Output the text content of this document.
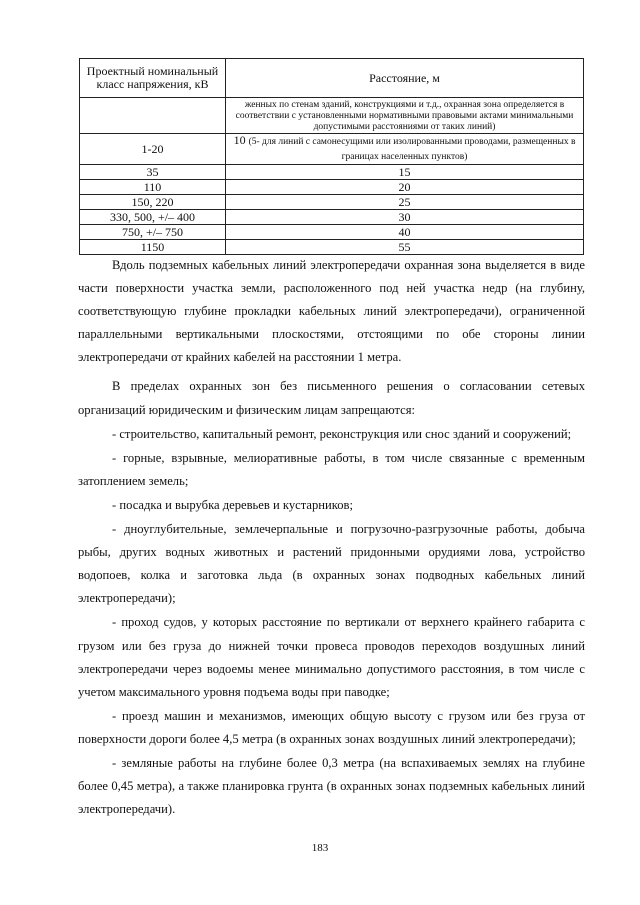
Проектный номинальный класс напряжения, кВ	Расстояние, м

	женных по стенам зданий, конструкциями и т.д., охранная зона определяется в соответствии с установленными нормативными правовыми актами минимальными допустимыми расстояниями от таких линий)

1-20	10 (5- для линий с самонесущими или изолированными проводами, размещенных в границах населенных пунктов)
35	15
110	20
150, 220	25
330, 500, +/– 400	30
750, +/– 750	40
1150	55

Вдоль подземных кабельных линий электропередачи охранная зона выделяется в виде части поверхности участка земли, расположенного под ней участка недр (на глубину, соответствующую глубине прокладки кабельных линий электропередачи), ограниченной параллельными вертикальными плоскостями, отстоящими по обе стороны линии электропередачи от крайних кабелей на расстоянии 1 метра.

В пределах охранных зон без письменного решения о согласовании сетевых организаций юридическим и физическим лицам запрещаются:

- строительство, капитальный ремонт, реконструкция или снос зданий и сооружений;

- горные, взрывные, мелиоративные работы, в том числе связанные с временным затоплением земель;

- посадка и вырубка деревьев и кустарников;

- дноуглубительные, землечерпальные и погрузочно-разгрузочные работы, добыча рыбы, других водных животных и растений придонными орудиями лова, устройство водопоев, колка и заготовка льда (в охранных зонах подводных кабельных линий электропередачи);

- проход судов, у которых расстояние по вертикали от верхнего крайнего габарита с грузом или без груза до нижней точки провеса проводов переходов воздушных линий электропередачи через водоемы менее минимально допустимого расстояния, в том числе с учетом максимального уровня подъема воды при паводке;

- проезд машин и механизмов, имеющих общую высоту с грузом или без груза от поверхности дороги более 4,5 метра (в охранных зонах воздушных линий электропередачи);

- земляные работы на глубине более 0,3 метра (на вспахиваемых землях на глубине более 0,45 метра), а также планировка грунта (в охранных зонах подземных кабельных линий электропередачи).

183
